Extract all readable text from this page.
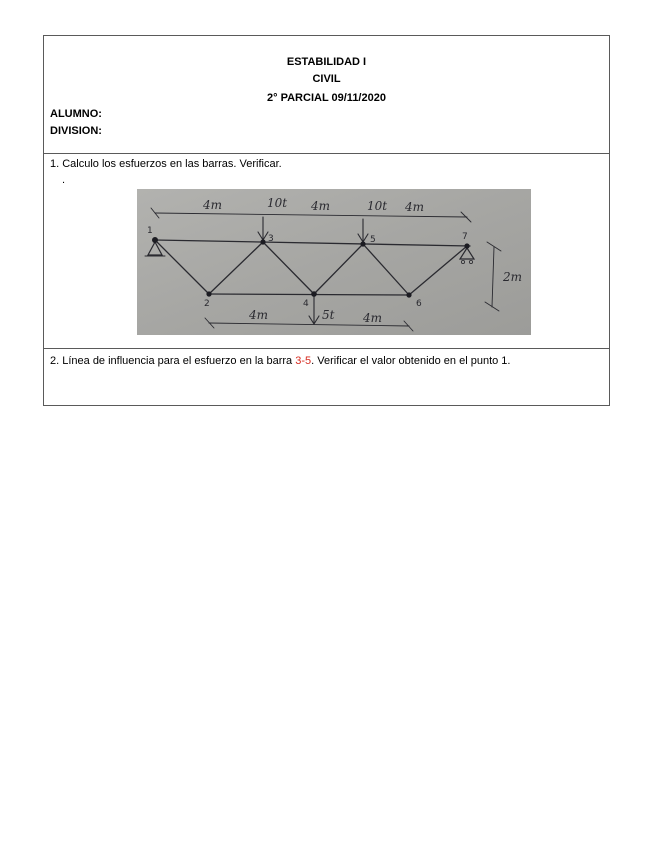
ESTABILIDAD I
CIVIL
2° PARCIAL 09/11/2020
ALUMNO:
DIVISION:
1. Calculo los esfuerzos en las barras. Verificar.
.
4m	10t 4m	10t 4m
4m	5t 4m
2m
1
2
3
4
5
6
7
2. Línea de influencia para el esfuerzo en la barra 3-5. Verificar el valor obtenido en el punto 1.
